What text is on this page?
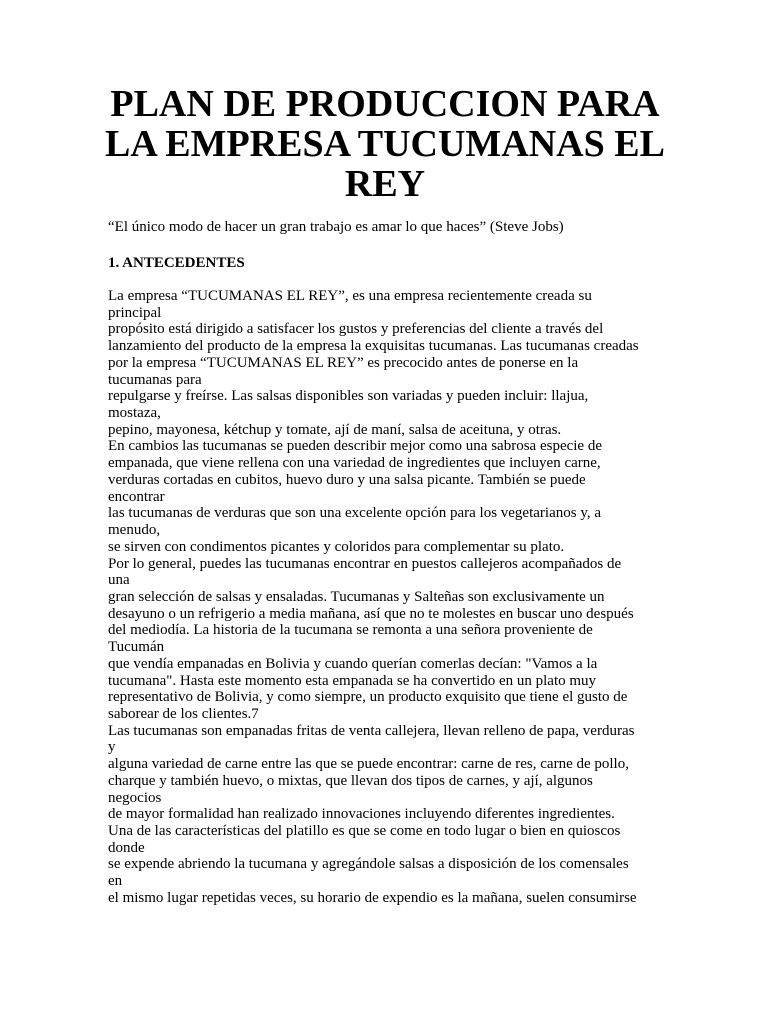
PLAN DE PRODUCCION PARA
LA EMPRESA TUCUMANAS EL
REY

“El único modo de hacer un gran trabajo es amar lo que haces” (Steve Jobs)

1. ANTECEDENTES
La empresa “TUCUMANAS EL REY”, es una empresa recientemente creada su
principal
propósito está dirigido a satisfacer los gustos y preferencias del cliente a través del
lanzamiento del producto de la empresa la exquisitas tucumanas. Las tucumanas creadas
por la empresa “TUCUMANAS EL REY” es precocido antes de ponerse en la
tucumanas para
repulgarse y freírse. Las salsas disponibles son variadas y pueden incluir: llajua,
mostaza,
pepino, mayonesa, kétchup y tomate, ají de maní, salsa de aceituna, y otras.
En cambios las tucumanas se pueden describir mejor como una sabrosa especie de
empanada, que viene rellena con una variedad de ingredientes que incluyen carne,
verduras cortadas en cubitos, huevo duro y una salsa picante. También se puede
encontrar
las tucumanas de verduras que son una excelente opción para los vegetarianos y, a
menudo,
se sirven con condimentos picantes y coloridos para complementar su plato.
Por lo general, puedes las tucumanas encontrar en puestos callejeros acompañados de
una
gran selección de salsas y ensaladas. Tucumanas y Salteñas son exclusivamente un
desayuno o un refrigerio a media mañana, así que no te molestes en buscar uno después
del mediodía. La historia de la tucumana se remonta a una señora proveniente de
Tucumán
que vendía empanadas en Bolivia y cuando querían comerlas decían: "Vamos a la
tucumana". Hasta este momento esta empanada se ha convertido en un plato muy
representativo de Bolivia, y como siempre, un producto exquisito que tiene el gusto de
saborear de los clientes.7
Las tucumanas son empanadas fritas de venta callejera, llevan relleno de papa, verduras
y
alguna variedad de carne entre las que se puede encontrar: carne de res, carne de pollo,
charque y también huevo, o mixtas, que llevan dos tipos de carnes, y ají, algunos
negocios
de mayor formalidad han realizado innovaciones incluyendo diferentes ingredientes.
Una de las características del platillo es que se come en todo lugar o bien en quioscos
donde
se expende abriendo la tucumana y agregándole salsas a disposición de los comensales
en
el mismo lugar repetidas veces, su horario de expendio es la mañana, suelen consumirse
